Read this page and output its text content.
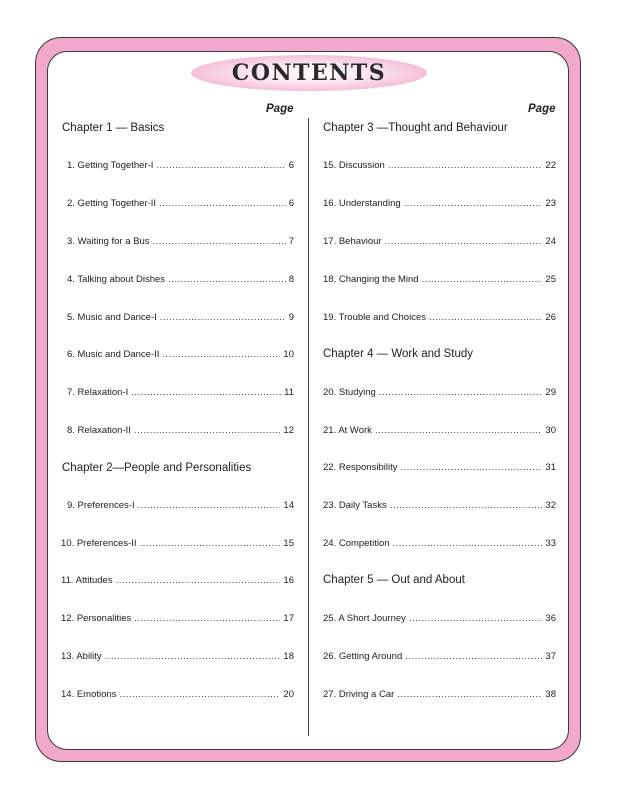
CONTENTS
Page	Page
Chapter 1 — Basics
1. Getting Together-I .....	6
2. Getting Together-II .....	6
3. Waiting for a Bus .....	7
4. Talking about Dishes .....	8
5. Music and Dance-I .....	9
6. Music and Dance-II .....	10
7. Relaxation-I .....	11
8. Relaxation-II .....	12
Chapter 2—People and Personalities
9. Preferences-I .....	14
10. Preferences-II .....	15
11. Attitudes .....	16
12. Personalities .....	17
13. Ability .....	18
14. Emotions .....	20
Chapter 3 —Thought and Behaviour
15. Discussion .....	22
16. Understanding .....	23
17. Behaviour .....	24
18. Changing the Mind .....	25
19. Trouble and Choices .....	26
Chapter 4 — Work and Study
20. Studying .....	29
21. At Work .....	30
22. Responsibility .....	31
23. Daily Tasks .....	32
24. Competition .....	33
Chapter 5 — Out and About
25. A Short Journey .....	36
26. Getting Around .....	37
27. Driving a Car .....	38
